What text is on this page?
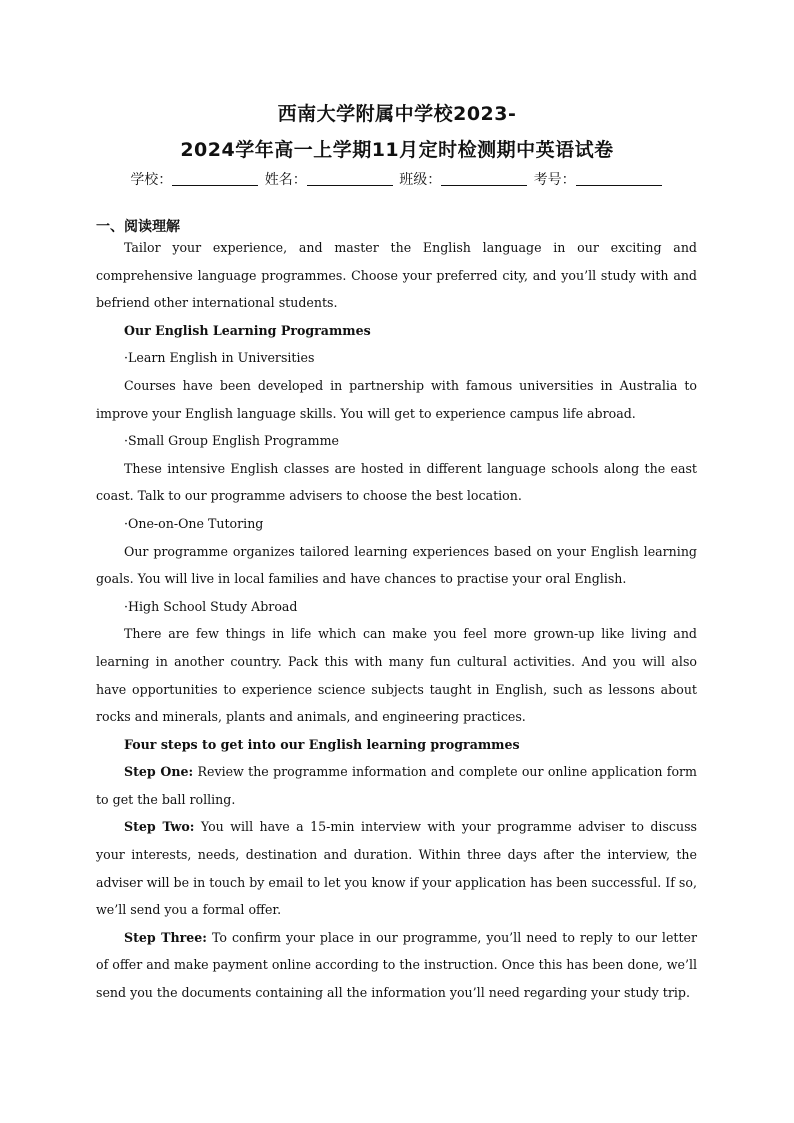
西南大学附属中学校2023-
2024学年高一上学期11月定时检测期中英语试卷
学校：	姓名：	班级：	考号：
一、阅读理解

Tailor your experience, and master the English language in our exciting and comprehensive language programmes. Choose your preferred city, and you’ll study with and befriend other international students.

Our English Learning Programmes

·Learn English in Universities

Courses have been developed in partnership with famous universities in Australia to improve your English language skills. You will get to experience campus life abroad.

·Small Group English Programme

These intensive English classes are hosted in different language schools along the east coast. Talk to our programme advisers to choose the best location.

·One-on-One Tutoring

Our programme organizes tailored learning experiences based on your English learning goals. You will live in local families and have chances to practise your oral English.

·High School Study Abroad

There are few things in life which can make you feel more grown-up like living and learning in another country. Pack this with many fun cultural activities. And you will also have opportunities to experience science subjects taught in English, such as lessons about rocks and minerals, plants and animals, and engineering practices.

Four steps to get into our English learning programmes

Step One: Review the programme information and complete our online application form to get the ball rolling.

Step Two: You will have a 15-min interview with your programme adviser to discuss your interests, needs, destination and duration. Within three days after the interview, the adviser will be in touch by email to let you know if your application has been successful. If so, we’ll send you a formal offer.

Step Three: To confirm your place in our programme, you’ll need to reply to our letter of offer and make payment online according to the instruction. Once this has been done, we’ll send you the documents containing all the information you’ll need regarding your study trip.
